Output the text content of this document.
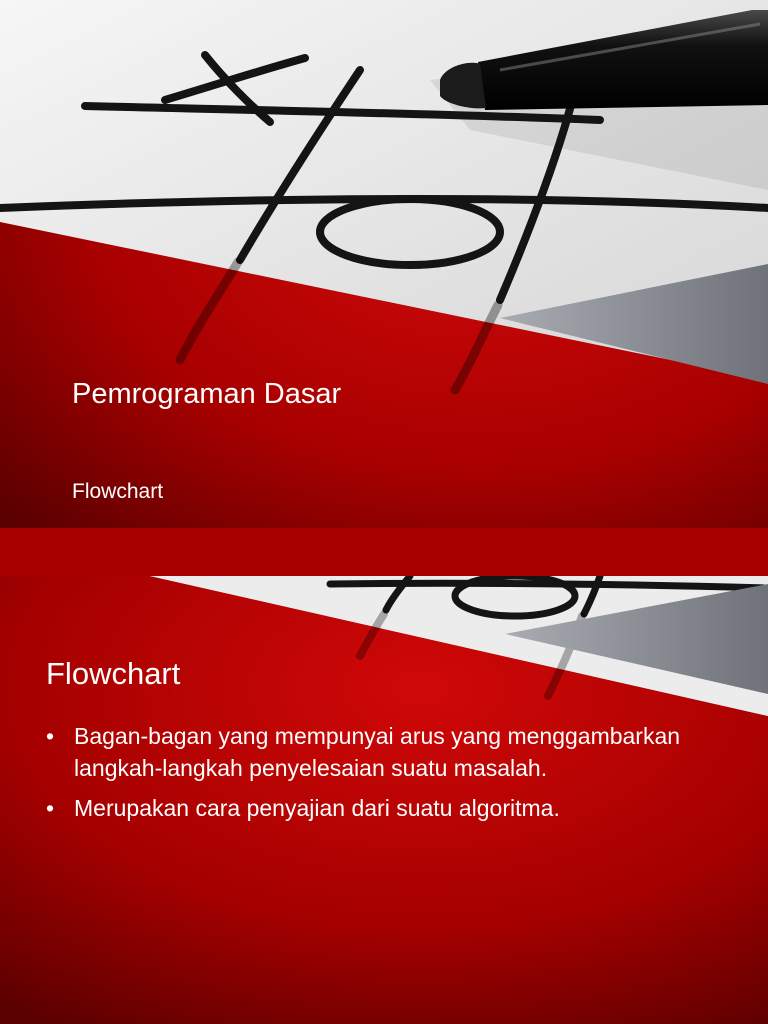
Pemrograman Dasar
Flowchart
Flowchart
• Bagan-bagan yang mempunyai arus yang menggambarkan langkah-langkah penyelesaian suatu masalah.
• Merupakan cara penyajian dari suatu algoritma.
